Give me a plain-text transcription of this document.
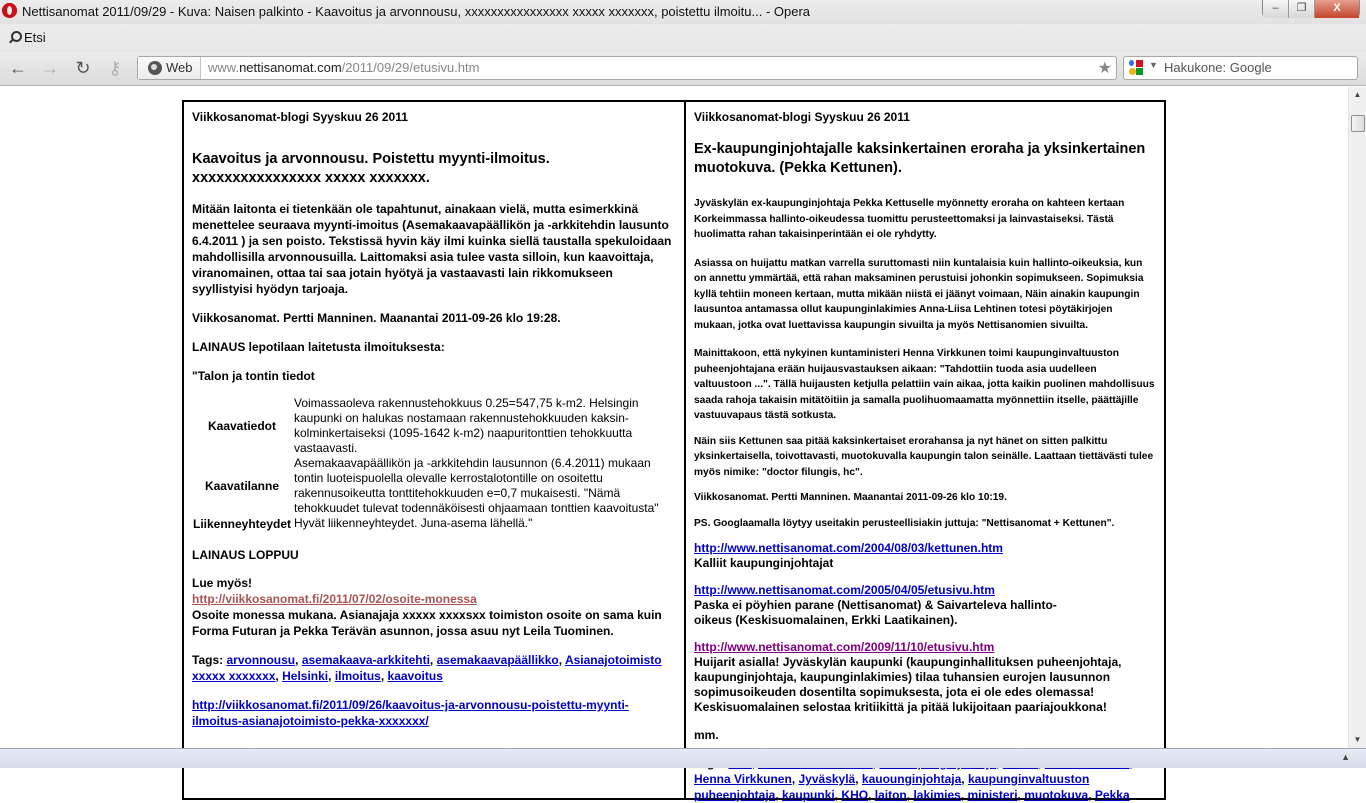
Nettisanomat 2011/09/29 - Kuva: Naisen palkinto - Kaavoitus ja arvonnousu, xxxxxxxxxxxxxxxx xxxxx xxxxxxx, poistettu ilmoitu... - Opera	–	❐	X
Etsi
← → ↻ ⚷	Web	www.nettisanomat.com/2011/09/29/etusivu.htm	★	▼ Hakukone: Google
Viikkosanomat-blogi Syyskuu 26 2011
Kaavoitus ja arvonnousu. Poistettu myynti-ilmoitus.
xxxxxxxxxxxxxxxx xxxxx xxxxxxx.
Mitään laitonta ei tietenkään ole tapahtunut, ainakaan vielä, mutta esimerkkinä menettelee seuraava myynti-imoitus (Asemakaavapäällikön ja -arkkitehdin lausunto 6.4.2011 ) ja sen poisto. Tekstissä hyvin käy ilmi kuinka siellä taustalla spekuloidaan mahdollisilla arvonnousuilla. Laittomaksi asia tulee vasta silloin, kun kaavoittaja, viranomainen, ottaa tai saa jotain hyötyä ja vastaavasti lain rikkomukseen syyllistyisi hyödyn tarjoaja.
Viikkosanomat. Pertti Manninen. Maanantai 2011-09-26 klo 19:28.
LAINAUS lepotilaan laitetusta ilmoituksesta:
"Talon ja tontin tiedot
Kaavatiedot	Voimassaoleva rakennustehokkuus 0.25=547,75 k-m2. Helsingin kaupunki on halukas nostamaan rakennustehokkuuden kaksin-kolminkertaiseksi (1095-1642 k-m2) naapuritonttien tehokkuutta vastaavasti.
Kaavatilanne	Asemakaavapäällikön ja -arkkitehdin lausunnon (6.4.2011) mukaan tontin luoteispuolella olevalle kerrostalotontille on osoitettu rakennusoikeutta tonttitehokkuuden e=0,7 mukaisesti. "Nämä tehokkuudet tulevat todennäköisesti ohjaamaan tonttien kaavoitusta"
Liikenneyhteydet	Hyvät liikenneyhteydet. Juna-asema lähellä."
LAINAUS LOPPUU
Lue myös!
http://viikkosanomat.fi/2011/07/02/osoite-monessa
Osoite monessa mukana. Asianajaja xxxxx xxxxsxx toimiston osoite on sama kuin Forma Futuran ja Pekka Terävän asunnon, jossa asuu nyt Leila Tuominen.
Tags: arvonnousu, asemakaava-arkkitehti, asemakaavapäällikko, Asianajotoimisto xxxxx xxxxxxx, Helsinki, ilmoitus, kaavoitus
http://viikkosanomat.fi/2011/09/26/kaavoitus-ja-arvonnousu-poistettu-myynti-ilmoitus-asianajotoimisto-pekka-xxxxxxx/
Viikkosanomat-blogi Syyskuu 26 2011
Ex-kaupunginjohtajalle kaksinkertainen eroraha ja yksinkertainen muotokuva. (Pekka Kettunen).
Jyväskylän ex-kaupunginjohtaja Pekka Kettuselle myönnetty eroraha on kahteen kertaan Korkeimmassa hallinto-oikeudessa tuomittu perusteettomaksi ja lainvastaiseksi. Tästä huolimatta rahan takaisinperintään ei ole ryhdytty.
Asiassa on huijattu matkan varrella suruttomasti niin kuntalaisia kuin hallinto-oikeuksia, kun on annettu ymmärtää, että rahan maksaminen perustuisi johonkin sopimukseen. Sopimuksia kyllä tehtiin moneen kertaan, mutta mikään niistä ei jäänyt voimaan, Näin ainakin kaupungin lausuntoa antamassa ollut kaupunginlakimies Anna-Liisa Lehtinen totesi pöytäkirjojen mukaan, jotka ovat luettavissa kaupungin sivuilta ja myös Nettisanomien sivuilta.
Mainittakoon, että nykyinen kuntaministeri Henna Virkkunen toimi kaupunginvaltuuston puheenjohtajana erään huijausvastauksen aikaan: "Tahdottiin tuoda asia uudelleen valtuustoon ...". Tällä huijausten ketjulla pelattiin vain aikaa, jotta kaikin puolinen mahdollisuus saada rahoja takaisin mitätöitiin ja samalla puolihuomaamatta myönnettiin itselle, päättäjille vastuuvapaus tästä sotkusta.
Näin siis Kettunen saa pitää kaksinkertaiset erorahansa ja nyt hänet on sitten palkittu yksinkertaisella, toivottavasti, muotokuvalla kaupungin talon seinälle. Laattaan tiettävästi tulee myös nimike: "doctor filungis, hc".
Viikkosanomat. Pertti Manninen. Maanantai 2011-09-26 klo 10:19.
PS. Googlaamalla löytyy useitakin perusteellisiakin juttuja: "Nettisanomat + Kettunen".
http://www.nettisanomat.com/2004/08/03/kettunen.htm
Kalliit kaupunginjohtajat
http://www.nettisanomat.com/2005/04/05/etusivu.htm
Paska ei pöyhien parane (Nettisanomat) & Saivarteleva hallinto-oikeus (Keskisuomalainen, Erkki Laatikainen).
http://www.nettisanomat.com/2009/11/10/etusivu.htm
Huijarit asialla! Jyväskylän kaupunki (kaupunginhallituksen puheenjohtaja, kaupunginjohtaja, kaupunginlakimies) tilaa tuhansien eurojen lausunnon sopimusoikeuden dosentilta sopimuksesta, jota ei ole edes olemassa! Keskisuomalainen selostaa kritiikittä ja pitää lukijoitaan paariajoukkona!
mm.
Henna Virkkunen, Jyväskylä, kauounginjohtaja, kaupunginvaltuuston puheenjohtaja, kaupunki, KHO, laiton, lakimies, ministeri, muotokuva, Pekka
▲
▼
▲
